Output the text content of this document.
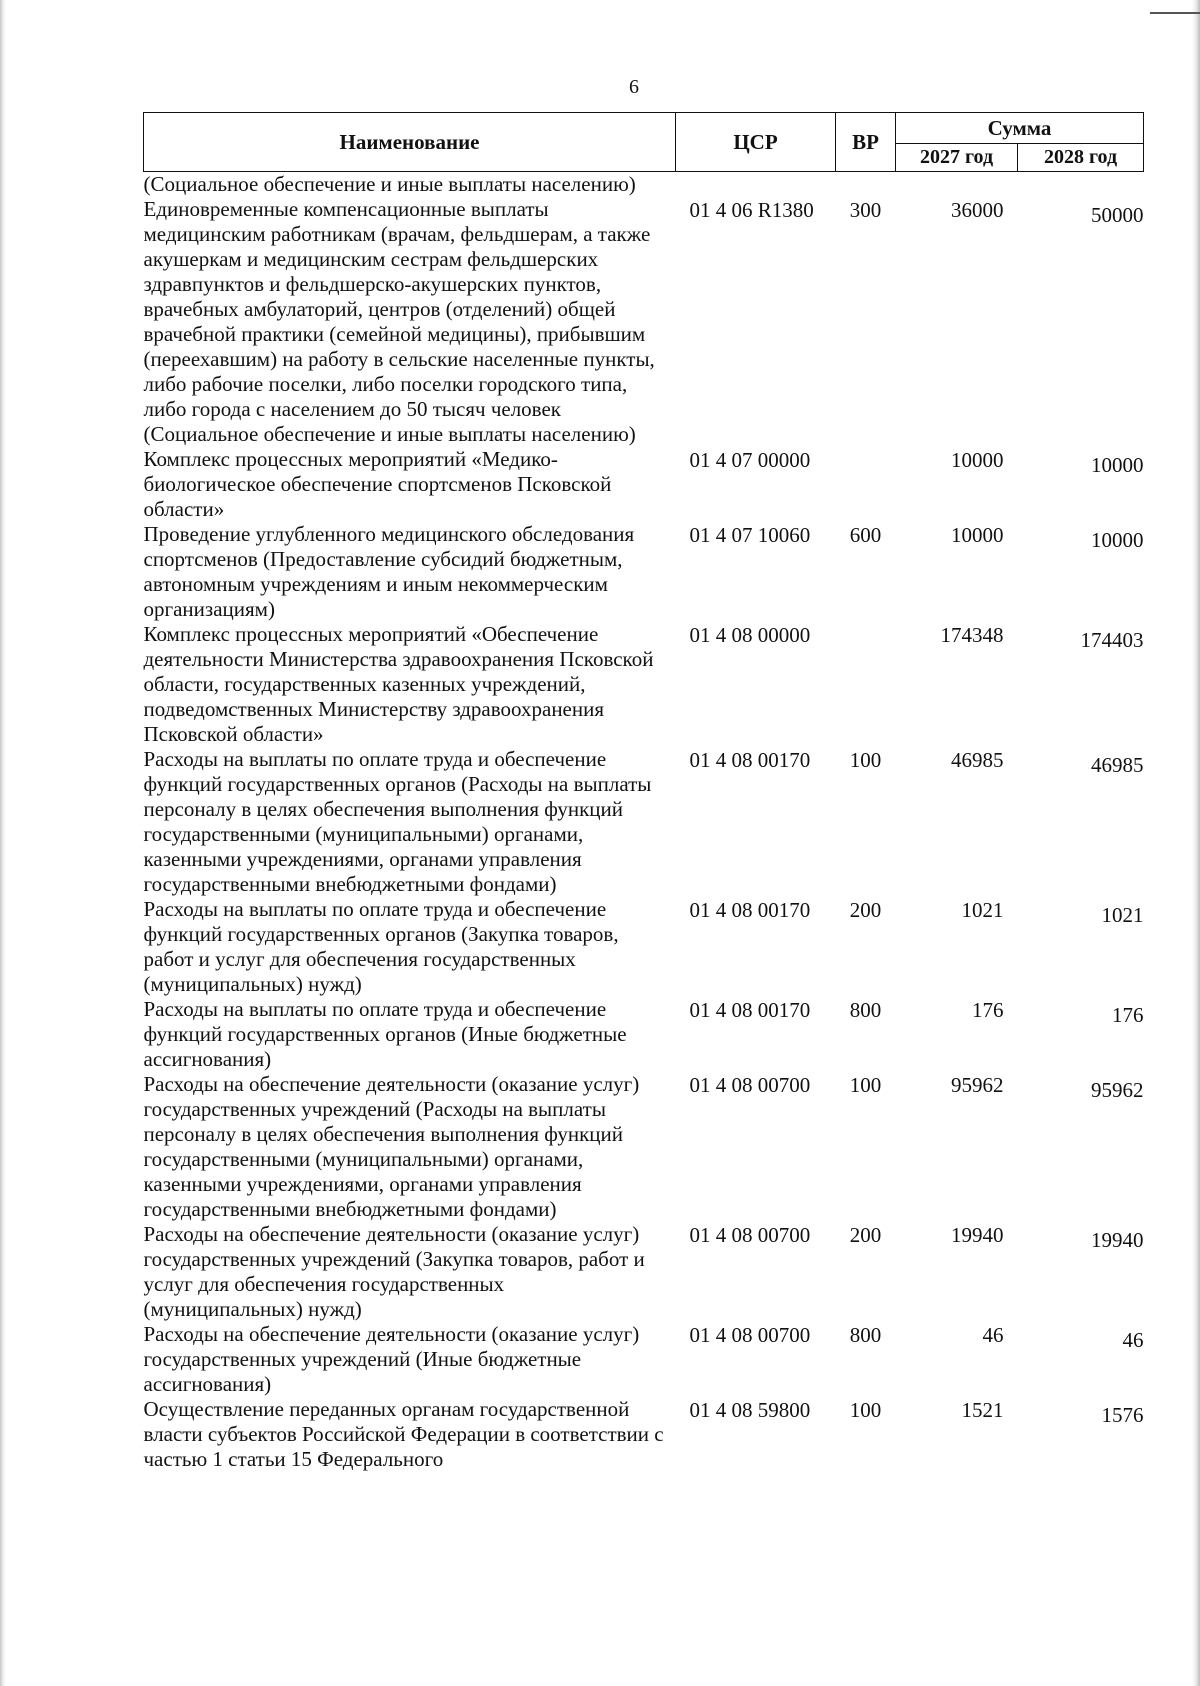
6
Наименование	ЦСР	ВР	Сумма	
			2027 год	2028 год
(Социальное обеспечение и иные выплаты населению)				
Единовременные компенсационные выплаты медицинским работникам (врачам, фельдшерам, а также акушеркам и медицинским сестрам фельдшерских здравпунктов и фельдшерско-акушерских пунктов, врачебных амбулаторий, центров (отделений) общей врачебной практики (семейной медицины), прибывшим (переехавшим) на работу в сельские населенные пункты, либо рабочие поселки, либо поселки городского типа, либо города с населением до 50 тысяч человек (Социальное обеспечение и иные выплаты населению)	01 4 06 R1380	300	36000	50000
Комплекс процессных мероприятий «Медико-биологическое обеспечение спортсменов Псковской области»	01 4 07 00000		10000	10000
Проведение углубленного медицинского обследования спортсменов (Предоставление субсидий бюджетным, автономным учреждениям и иным некоммерческим организациям)	01 4 07 10060	600	10000	10000
Комплекс процессных мероприятий «Обеспечение деятельности Министерства здравоохранения Псковской области, государственных казенных учреждений, подведомственных Министерству здравоохранения Псковской области»	01 4 08 00000		174348	174403
Расходы на выплаты по оплате труда и обеспечение функций государственных органов (Расходы на выплаты персоналу в целях обеспечения выполнения функций государственными (муниципальными) органами, казенными учреждениями, органами управления государственными внебюджетными фондами)	01 4 08 00170	100	46985	46985
Расходы на выплаты по оплате труда и обеспечение функций государственных органов (Закупка товаров, работ и услуг для обеспечения государственных (муниципальных) нужд)	01 4 08 00170	200	1021	1021
Расходы на выплаты по оплате труда и обеспечение функций государственных органов (Иные бюджетные ассигнования)	01 4 08 00170	800	176	176
Расходы на обеспечение деятельности (оказание услуг) государственных учреждений (Расходы на выплаты персоналу в целях обеспечения выполнения функций государственными (муниципальными) органами, казенными учреждениями, органами управления государственными внебюджетными фондами)	01 4 08 00700	100	95962	95962
Расходы на обеспечение деятельности (оказание услуг) государственных учреждений (Закупка товаров, работ и услуг для обеспечения государственных (муниципальных) нужд)	01 4 08 00700	200	19940	19940
Расходы на обеспечение деятельности (оказание услуг) государственных учреждений (Иные бюджетные ассигнования)	01 4 08 00700	800	46	46
Осуществление переданных органам государственной власти субъектов Российской Федерации в соответствии с частью 1 статьи 15 Федерального	01 4 08 59800	100	1521	1576
